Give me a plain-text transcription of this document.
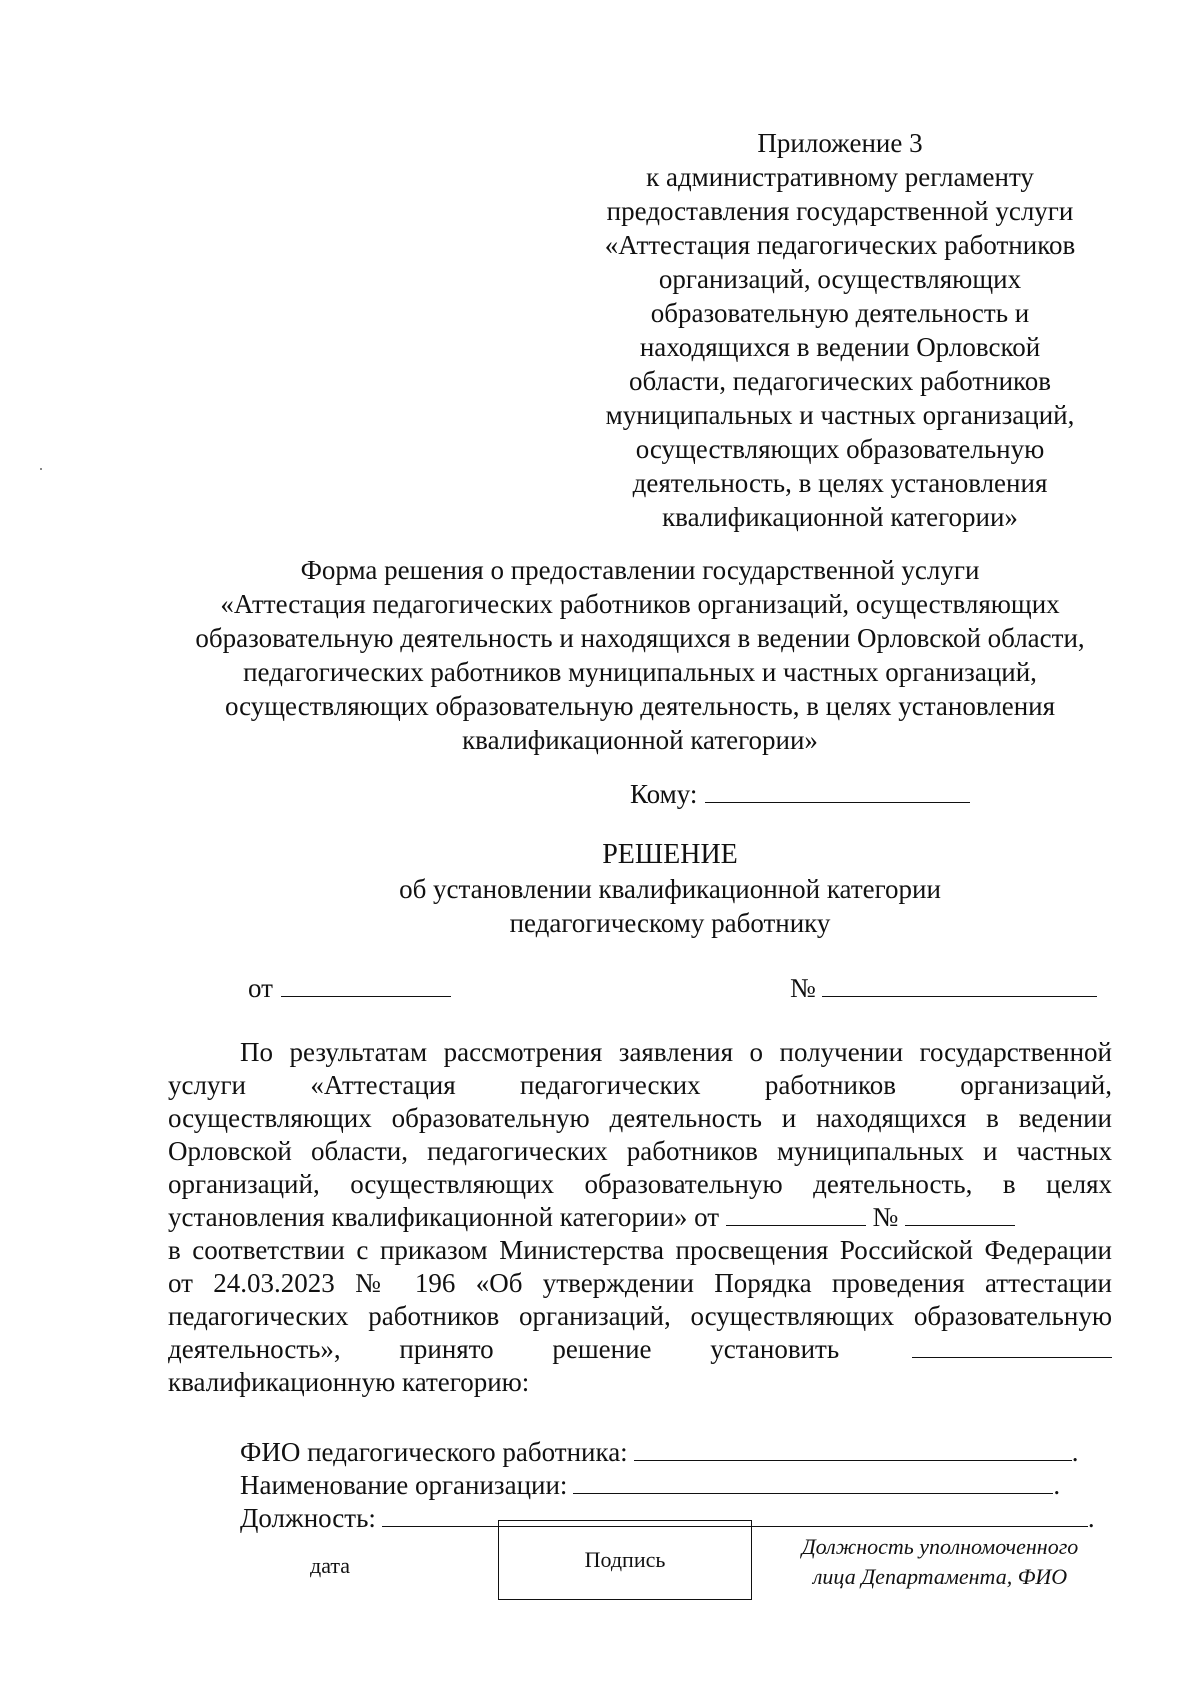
Приложение 3
к административному регламенту
предоставления государственной услуги
«Аттестация педагогических работников
организаций, осуществляющих
образовательную деятельность и
находящихся в ведении Орловской
области, педагогических работников
муниципальных и частных организаций,
осуществляющих образовательную
деятельность, в целях установления
квалификационной категории»
Форма решения о предоставлении государственной услуги
«Аттестация педагогических работников организаций, осуществляющих
образовательную деятельность и находящихся в ведении Орловской области,
педагогических работников муниципальных и частных организаций,
осуществляющих образовательную деятельность, в целях установления
квалификационной категории»
Кому:
РЕШЕНИЕ
об установлении квалификационной категории
педагогическому работнику
от	№
По результатам рассмотрения заявления о получении государственной
услуги «Аттестация педагогических работников организаций,
осуществляющих образовательную деятельность и находящихся в ведении
Орловской области, педагогических работников муниципальных и частных
организаций, осуществляющих образовательную деятельность, в целях
установления квалификационной категории» от	№
в соответствии с приказом Министерства просвещения Российской Федерации
от 24.03.2023 № 196 «Об утверждении Порядка проведения аттестации
педагогических работников организаций, осуществляющих образовательную
деятельность», принято решение установить
квалификационную категорию:
ФИО педагогического работника:	.
Наименование организации:	.
Должность:	.
дата	Подпись
Должность уполномоченного
лица Департамента, ФИО
